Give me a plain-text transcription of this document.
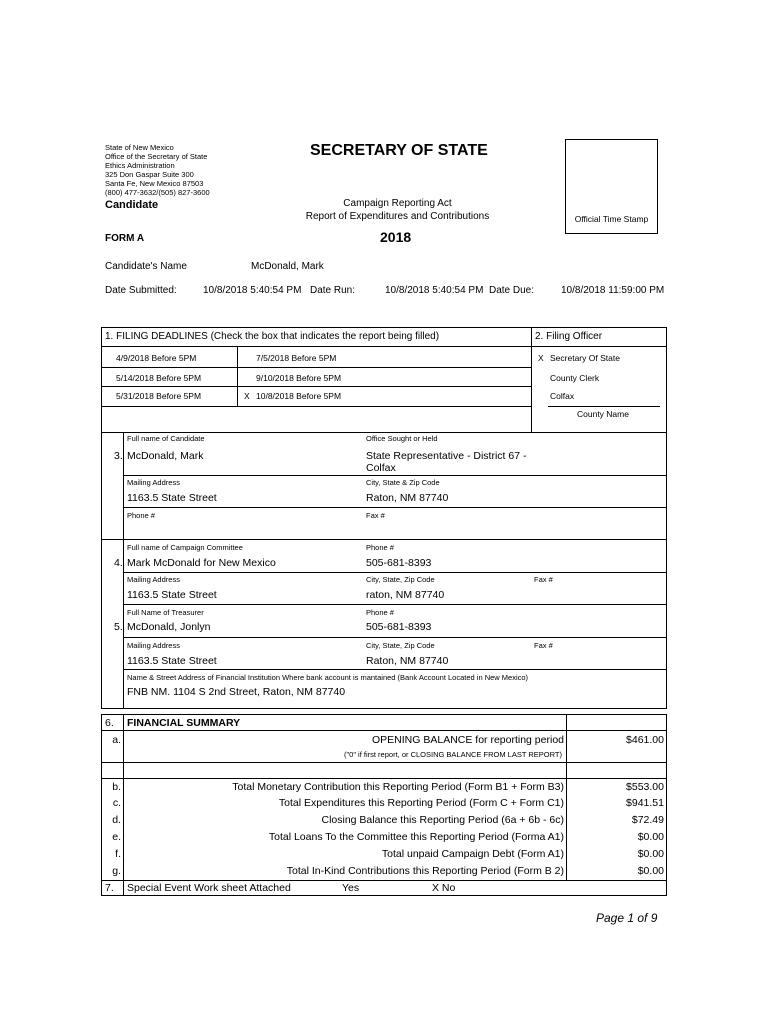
State of New Mexico
Office of the Secretary of State
Ethics Administration
325 Don Gaspar Suite 300
Santa Fe, New Mexico 87503
(800) 477-3632/(505) 827-3600
SECRETARY OF STATE
Candidate	Campaign Reporting Act
Report of Expenditures and Contributions
2018
FORM A
Official Time Stamp
Candidate's Name	McDonald, Mark
Date Submitted:	10/8/2018 5:40:54 PM Date Run:	10/8/2018 5:40:54 PM Date Due:	10/8/2018 11:59:00 PM
1. FILING DEADLINES (Check the box that indicates the report being filled)	2. Filing Officer
4/9/2018 Before 5PM	7/5/2018 Before 5PM
5/14/2018 Before 5PM	9/10/2018 Before 5PM
5/31/2018 Before 5PM	X 10/8/2018 Before 5PM
X Secretary Of State
County Clerk
Colfax
County Name
Full name of Candidate	Office Sought or Held
3. McDonald, Mark	State Representative - District 67 -
Colfax
Mailing Address	City, State & Zip Code
1163.5 State Street	Raton, NM 87740
Phone #	Fax #
Full name of Campaign Committee	Phone #
4. Mark McDonald for New Mexico	505-681-8393
Mailing Address	City, State, Zip Code	Fax #
1163.5 State Street	raton, NM 87740
Full Name of Treasurer	Phone #
5. McDonald, Jonlyn	505-681-8393
Mailing Address	City, State, Zip Code	Fax #
1163.5 State Street	Raton, NM 87740
Name & Street Address of Financial Institution Where bank account is mantained (Bank Account Located in New Mexico)
FNB NM. 1104 S 2nd Street, Raton, NM 87740
6. FINANCIAL SUMMARY
a.	OPENING BALANCE for reporting period	$461.00
("0" if first report, or CLOSING BALANCE FROM LAST REPORT)
b.	Total Monetary Contribution this Reporting Period (Form B1 + Form B3)	$553.00
c.	Total Expenditures this Reporting Period (Form C + Form C1)	$941.51
d.	Closing Balance this Reporting Period (6a + 6b - 6c)	$72.49
e.	Total Loans To the Committee this Reporting Period (Forma A1)	$0.00
f.	Total unpaid Campaign Debt (Form A1)	$0.00
g.	Total In-Kind Contributions this Reporting Period (Form B 2)	$0.00
7. Special Event Work sheet Attached	Yes	X No
Page 1 of 9
